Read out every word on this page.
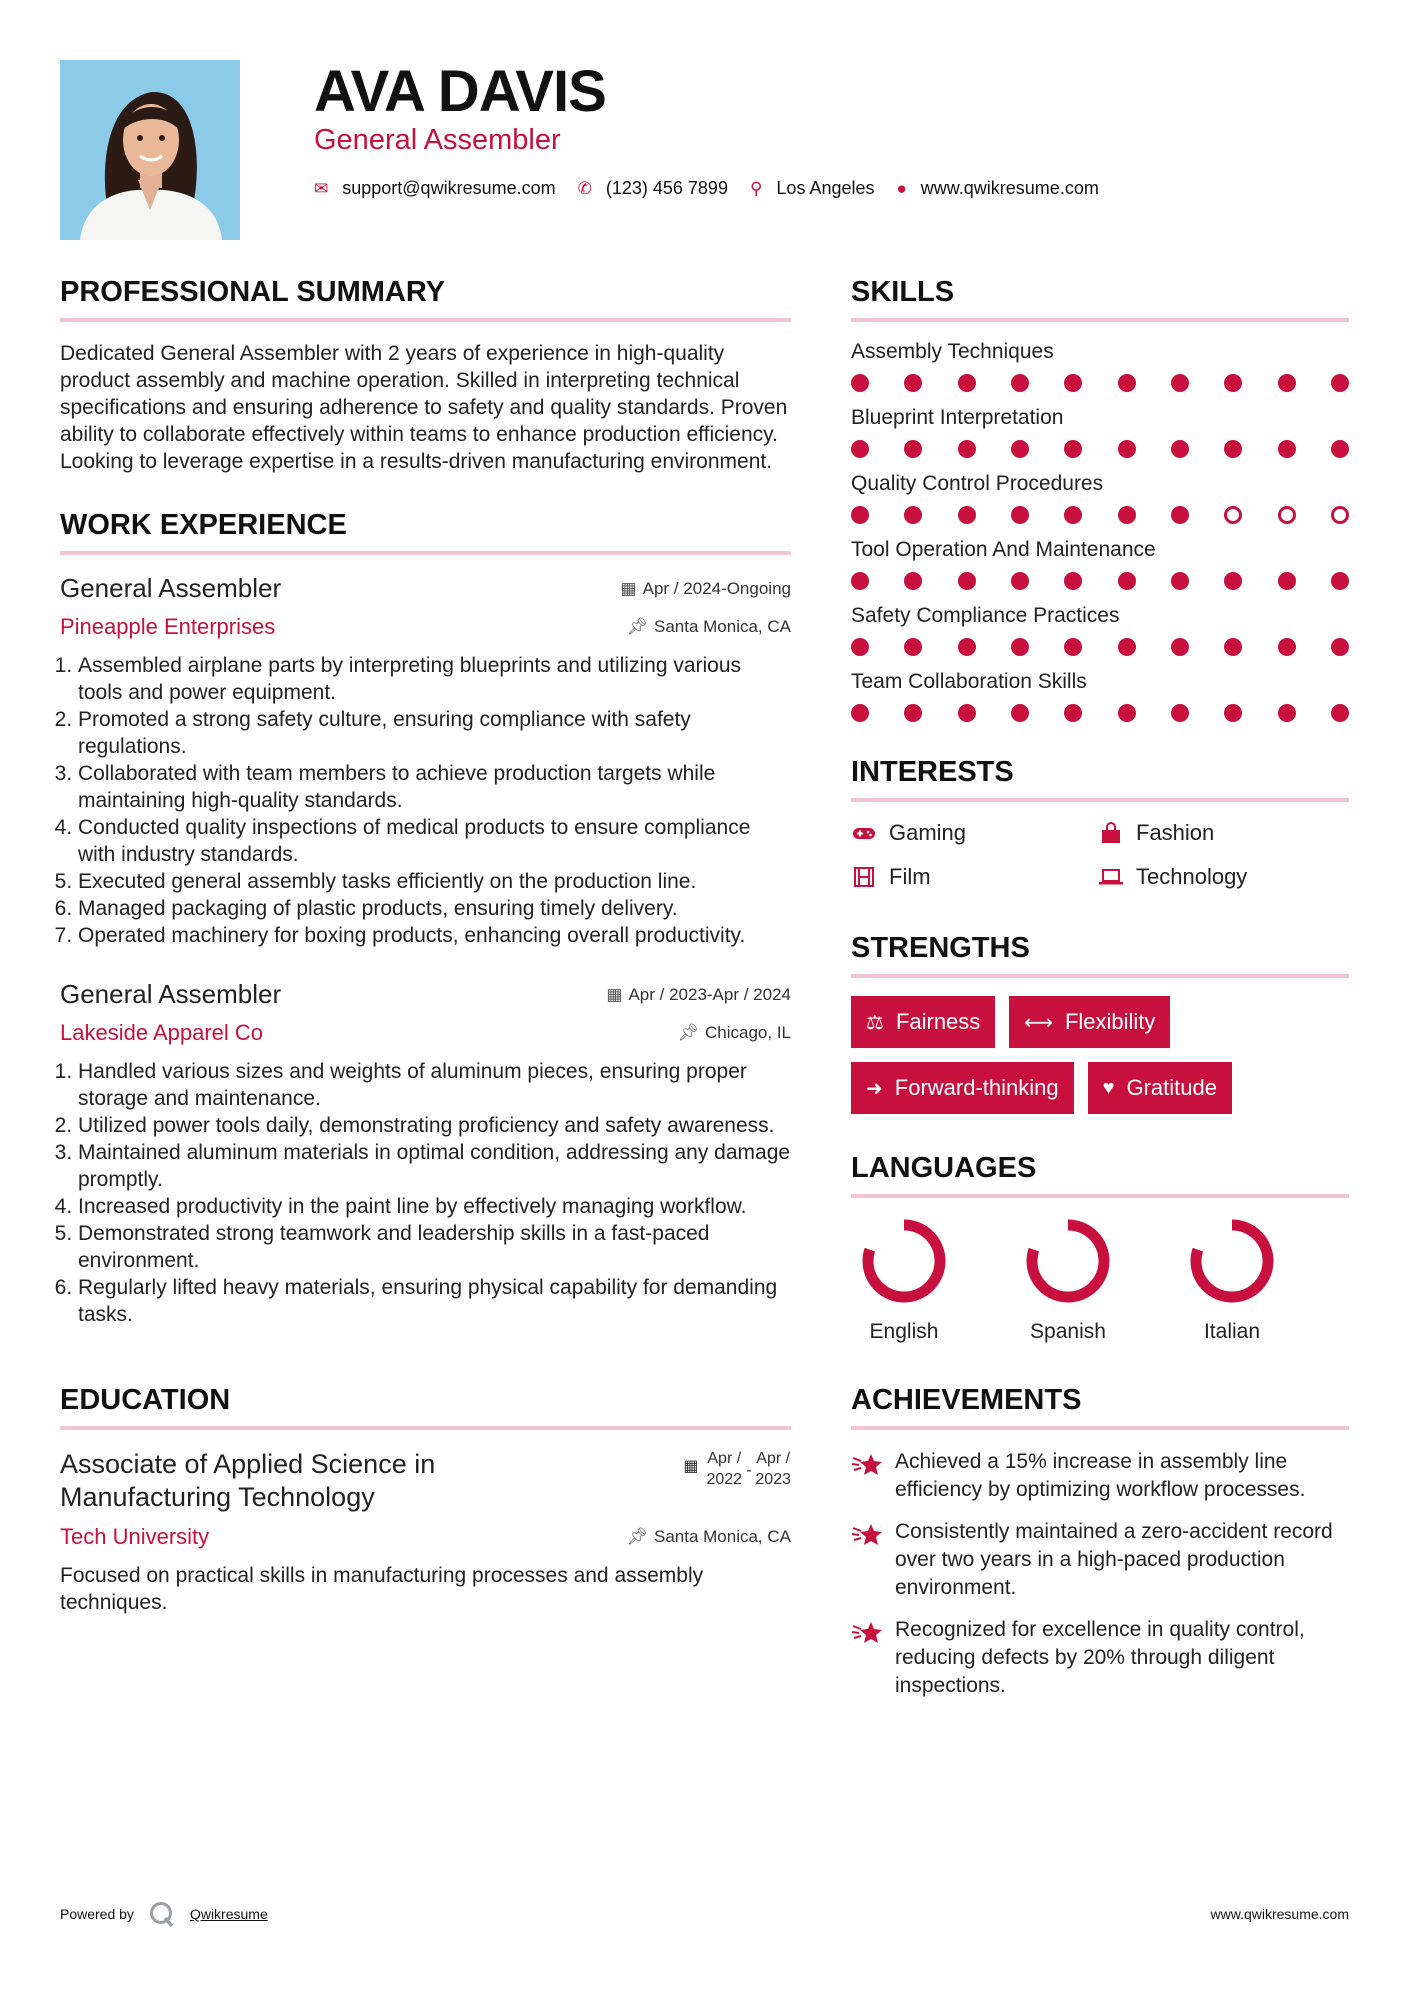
AVA DAVIS
General Assembler
✉ support@qwikresume.com ✆ (123) 456 7899 ⚲ Los Angeles ● www.qwikresume.com
PROFESSIONAL SUMMARY

Dedicated General Assembler with 2 years of experience in high-quality product assembly and machine operation. Skilled in interpreting technical specifications and ensuring adherence to safety and quality standards. Proven ability to collaborate effectively within teams to enhance production efficiency. Looking to leverage expertise in a results-driven manufacturing environment.

WORK EXPERIENCE
General Assembler	▦ Apr / 2024-Ongoing
Pineapple Enterprises	📌︎ Santa Monica, CA
1. Assembled airplane parts by interpreting blueprints and utilizing various tools and power equipment.
2. Promoted a strong safety culture, ensuring compliance with safety regulations.
3. Collaborated with team members to achieve production targets while maintaining high-quality standards.
4. Conducted quality inspections of medical products to ensure compliance with industry standards.
5. Executed general assembly tasks efficiently on the production line.
6. Managed packaging of plastic products, ensuring timely delivery.
7. Operated machinery for boxing products, enhancing overall productivity.
General Assembler	▦ Apr / 2023-Apr / 2024
Lakeside Apparel Co	📌︎ Chicago, IL
1. Handled various sizes and weights of aluminum pieces, ensuring proper storage and maintenance.
2. Utilized power tools daily, demonstrating proficiency and safety awareness.
3. Maintained aluminum materials in optimal condition, addressing any damage promptly.
4. Increased productivity in the paint line by effectively managing workflow.
5. Demonstrated strong teamwork and leadership skills in a fast-paced environment.
6. Regularly lifted heavy materials, ensuring physical capability for demanding tasks.
EDUCATION
Associate of Applied Science in Manufacturing Technology
▦ Apr /
2022
-
Apr /
2023
Tech University	📌︎ Santa Monica, CA

Focused on practical skills in manufacturing processes and assembly techniques.

SKILLS
Assembly Techniques
Blueprint Interpretation
Quality Control Procedures
Tool Operation And Maintenance
Safety Compliance Practices
Team Collaboration Skills
INTERESTS
Gaming	Fashion
Film	Technology
STRENGTHS
⚖ Fairness ⟷ Flexibility
➜ Forward-thinking ♥ Gratitude
LANGUAGES
English	Spanish	Italian
ACHIEVEMENTS
Achieved a 15% increase in assembly line efficiency by optimizing workflow processes.
Consistently maintained a zero-accident record over two years in a high-paced production environment.
Recognized for excellence in quality control, reducing defects by 20% through diligent inspections.
Powered by	Qwikresume	www.qwikresume.com
